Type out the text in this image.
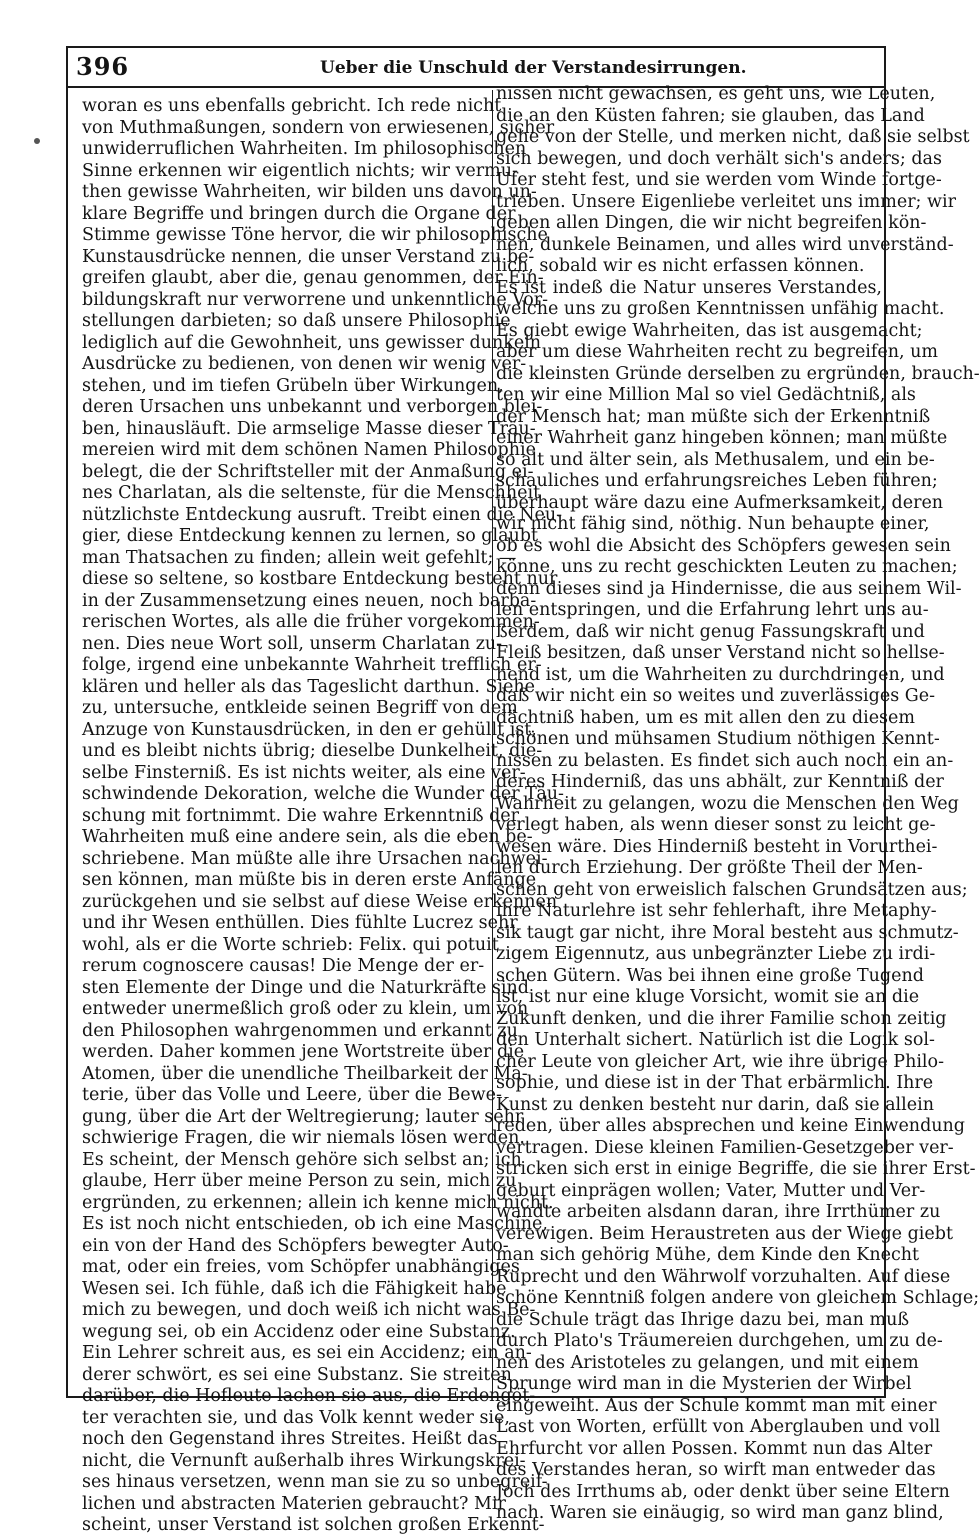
396	Ueber die Unschuld der Verstandesirrungen.
woran es uns ebenfalls gebricht. Ich rede nicht
von Muthmaßungen, sondern von erwiesenen, sicher
unwiderruflichen Wahrheiten. Im philosophischen
Sinne erkennen wir eigentlich nichts; wir vermu-
then gewisse Wahrheiten, wir bilden uns davon un-
klare Begriffe und bringen durch die Organe der
Stimme gewisse Töne hervor, die wir philosophische
Kunstausdrücke nennen, die unser Verstand zu be-
greifen glaubt, aber die, genau genommen, der Ein-
bildungskraft nur verworrene und unkenntliche Vor-
stellungen darbieten; so daß unsere Philosophie
lediglich auf die Gewohnheit, uns gewisser dunkeln
Ausdrücke zu bedienen, von denen wir wenig ver-
stehen, und im tiefen Grübeln über Wirkungen,
deren Ursachen uns unbekannt und verborgen blei-
ben, hinausläuft. Die armselige Masse dieser Träu-
mereien wird mit dem schönen Namen Philosophie
belegt, die der Schriftsteller mit der Anmaßung ei-
nes Charlatan, als die seltenste, für die Menschheit
nützlichste Entdeckung ausruft. Treibt einen die Neu-
gier, diese Entdeckung kennen zu lernen, so glaubt
man Thatsachen zu finden; allein weit gefehlt; —
diese so seltene, so kostbare Entdeckung besteht nur
in der Zusammensetzung eines neuen, noch barba-
rerischen Wortes, als alle die früher vorgekommen-
nen. Dies neue Wort soll, unserm Charlatan zu-
folge, irgend eine unbekannte Wahrheit trefflich er-
klären und heller als das Tageslicht darthun. Siehe
zu, untersuche, entkleide seinen Begriff von dem
Anzuge von Kunstausdrücken, in den er gehüllt ist,
und es bleibt nichts übrig; dieselbe Dunkelheit, die-
selbe Finsterniß. Es ist nichts weiter, als eine ver-
schwindende Dekoration, welche die Wunder der Täu-
schung mit fortnimmt. Die wahre Erkenntniß der
Wahrheiten muß eine andere sein, als die eben be-
schriebene. Man müßte alle ihre Ursachen nachwei-
sen können, man müßte bis in deren erste Anfänge
zurückgehen und sie selbst auf diese Weise erkennen
und ihr Wesen enthüllen. Dies fühlte Lucrez sehr
wohl, als er die Worte schrieb: Felix. qui potuit
rerum cognoscere causas! Die Menge der er-
sten Elemente der Dinge und die Naturkräfte sind
entweder unermeßlich groß oder zu klein, um von
den Philosophen wahrgenommen und erkannt zu
werden. Daher kommen jene Wortstreite über die
Atomen, über die unendliche Theilbarkeit der Ma-
terie, über das Volle und Leere, über die Bewe-
gung, über die Art der Weltregierung; lauter sehr
schwierige Fragen, die wir niemals lösen werden.
Es scheint, der Mensch gehöre sich selbst an; ich
glaube, Herr über meine Person zu sein, mich zu
ergründen, zu erkennen; allein ich kenne mich nicht.
Es ist noch nicht entschieden, ob ich eine Maschine,
ein von der Hand des Schöpfers bewegter Auto-
mat, oder ein freies, vom Schöpfer unabhängiges
Wesen sei. Ich fühle, daß ich die Fähigkeit habe
mich zu bewegen, und doch weiß ich nicht was Be-
wegung sei, ob ein Accidenz oder eine Substanz.
Ein Lehrer schreit aus, es sei ein Accidenz; ein an-
derer schwört, es sei eine Substanz. Sie streiten
darüber, die Hofleute lachen sie aus, die Erdengöt-
ter verachten sie, und das Volk kennt weder sie,
noch den Gegenstand ihres Streites. Heißt das
nicht, die Vernunft außerhalb ihres Wirkungskrei-
ses hinaus versetzen, wenn man sie zu so unbegreif-
lichen und abstracten Materien gebraucht? Mir
scheint, unser Verstand ist solchen großen Erkennt-
nissen nicht gewachsen, es geht uns, wie Leuten,
die an den Küsten fahren; sie glauben, das Land
gehe von der Stelle, und merken nicht, daß sie selbst
sich bewegen, und doch verhält sich's anders; das
Ufer steht fest, und sie werden vom Winde fortge-
trieben. Unsere Eigenliebe verleitet uns immer; wir
geben allen Dingen, die wir nicht begreifen kön-
nen, dunkele Beinamen, und alles wird unverständ-
lich, sobald wir es nicht erfassen können.
Es ist indeß die Natur unseres Verstandes,
welche uns zu großen Kenntnissen unfähig macht.
Es giebt ewige Wahrheiten, das ist ausgemacht;
aber um diese Wahrheiten recht zu begreifen, um
die kleinsten Gründe derselben zu ergründen, brauch-
ten wir eine Million Mal so viel Gedächtniß, als
der Mensch hat; man müßte sich der Erkenntniß
einer Wahrheit ganz hingeben können; man müßte
so alt und älter sein, als Methusalem, und ein be-
schauliches und erfahrungsreiches Leben führen;
überhaupt wäre dazu eine Aufmerksamkeit, deren
wir nicht fähig sind, nöthig. Nun behaupte einer,
ob es wohl die Absicht des Schöpfers gewesen sein
könne, uns zu recht geschickten Leuten zu machen;
denn dieses sind ja Hindernisse, die aus seinem Wil-
len entspringen, und die Erfahrung lehrt uns au-
ßerdem, daß wir nicht genug Fassungskraft und
Fleiß besitzen, daß unser Verstand nicht so hellse-
hend ist, um die Wahrheiten zu durchdringen, und
daß wir nicht ein so weites und zuverlässiges Ge-
dächtniß haben, um es mit allen den zu diesem
schönen und mühsamen Studium nöthigen Kennt-
nissen zu belasten. Es findet sich auch noch ein an-
deres Hinderniß, das uns abhält, zur Kenntniß der
Wahrheit zu gelangen, wozu die Menschen den Weg
verlegt haben, als wenn dieser sonst zu leicht ge-
wesen wäre. Dies Hinderniß besteht in Vorurthei-
len durch Erziehung. Der größte Theil der Men-
schen geht von erweislich falschen Grundsätzen aus;
ihre Naturlehre ist sehr fehlerhaft, ihre Metaphy-
sik taugt gar nicht, ihre Moral besteht aus schmutz-
zigem Eigennutz, aus unbegränzter Liebe zu irdi-
schen Gütern. Was bei ihnen eine große Tugend
ist, ist nur eine kluge Vorsicht, womit sie an die
Zukunft denken, und die ihrer Familie schon zeitig
den Unterhalt sichert. Natürlich ist die Logik sol-
cher Leute von gleicher Art, wie ihre übrige Philo-
sophie, und diese ist in der That erbärmlich. Ihre
Kunst zu denken besteht nur darin, daß sie allein
reden, über alles absprechen und keine Einwendung
vertragen. Diese kleinen Familien-Gesetzgeber ver-
stricken sich erst in einige Begriffe, die sie ihrer Erst-
geburt einprägen wollen; Vater, Mutter und Ver-
wandte arbeiten alsdann daran, ihre Irrthümer zu
verewigen. Beim Heraustreten aus der Wiege giebt
man sich gehörig Mühe, dem Kinde den Knecht
Ruprecht und den Währwolf vorzuhalten. Auf diese
schöne Kenntniß folgen andere von gleichem Schlage;
die Schule trägt das Ihrige dazu bei, man muß
durch Plato's Träumereien durchgehen, um zu de-
nen des Aristoteles zu gelangen, und mit einem
Sprunge wird man in die Mysterien der Wirbel
eingeweiht. Aus der Schule kommt man mit einer
Last von Worten, erfüllt von Aberglauben und voll
Ehrfurcht vor allen Possen. Kommt nun das Alter
des Verstandes heran, so wirft man entweder das
Joch des Irrthums ab, oder denkt über seine Eltern
nach. Waren sie einäugig, so wird man ganz blind,
